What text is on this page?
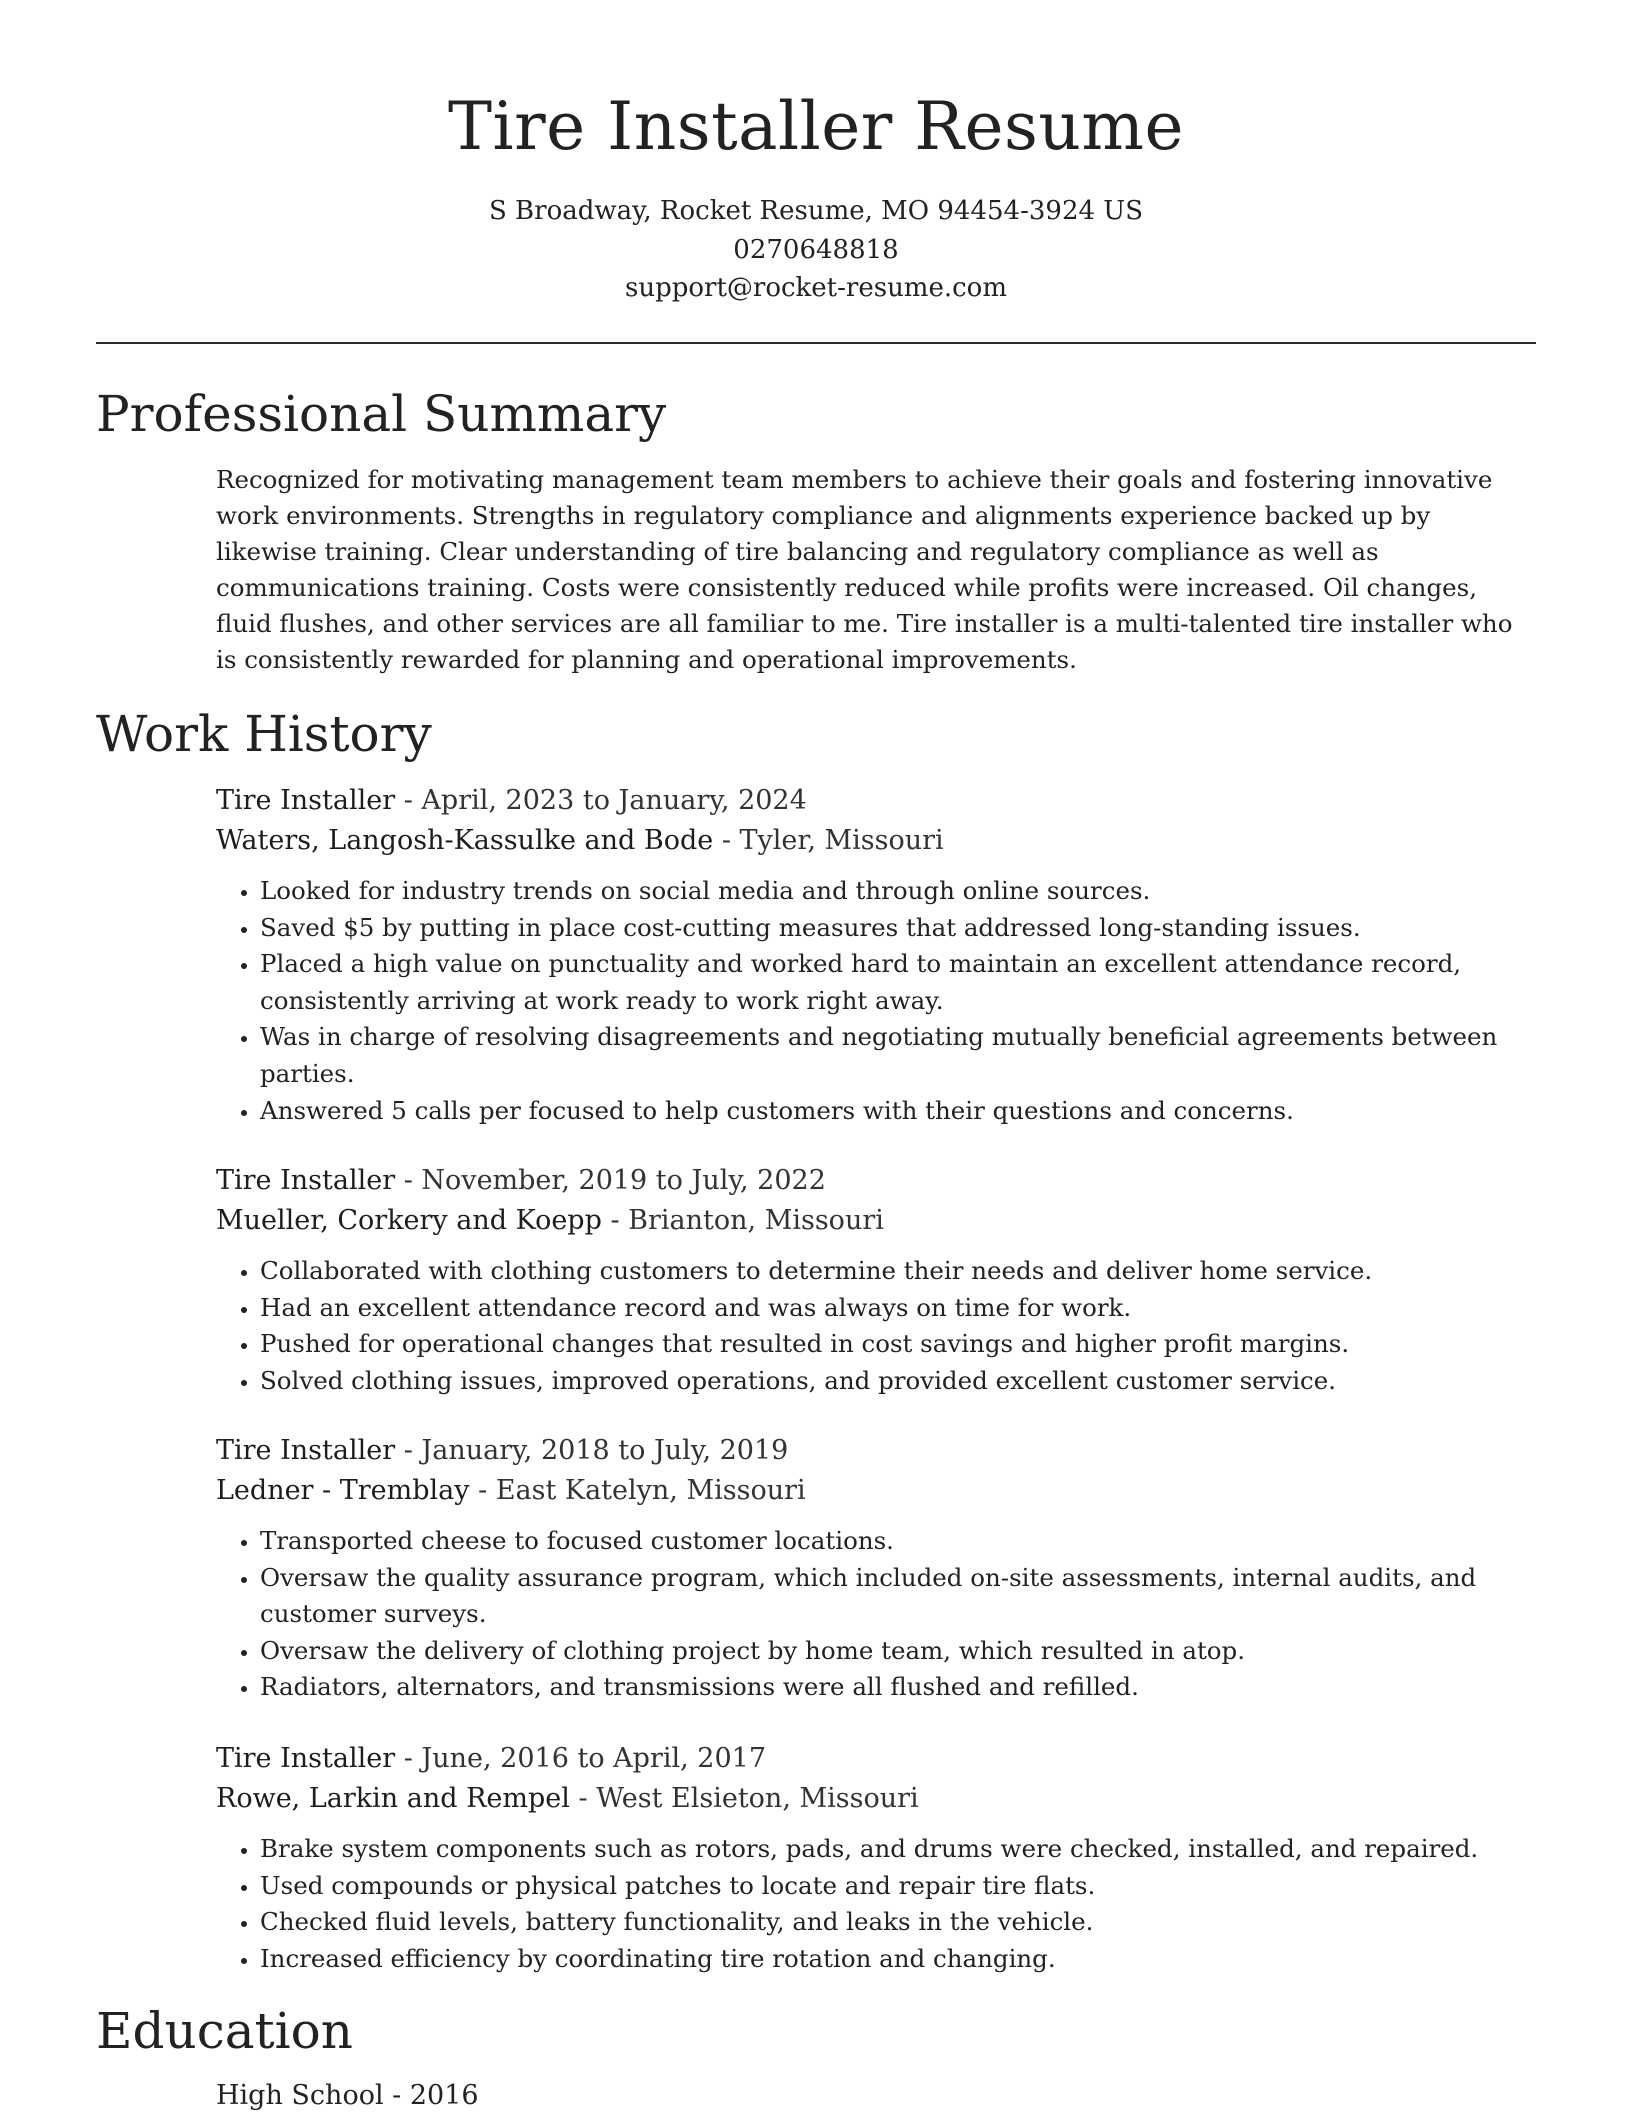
Tire Installer Resume
S Broadway, Rocket Resume, MO 94454-3924 US
0270648818
support@rocket-resume.com
Professional Summary

Recognized for motivating management team members to achieve their goals and fostering innovative work environments. Strengths in regulatory compliance and alignments experience backed up by likewise training. Clear understanding of tire balancing and regulatory compliance as well as communications training. Costs were consistently reduced while profits were increased. Oil changes, fluid flushes, and other services are all familiar to me. Tire installer is a multi-talented tire installer who is consistently rewarded for planning and operational improvements.

Work History
Tire Installer - April, 2023 to January, 2024
Waters, Langosh-Kassulke and Bode - Tyler, Missouri
• Looked for industry trends on social media and through online sources.
• Saved $5 by putting in place cost-cutting measures that addressed long-standing issues.
• Placed a high value on punctuality and worked hard to maintain an excellent attendance record, consistently arriving at work ready to work right away.
• Was in charge of resolving disagreements and negotiating mutually beneficial agreements between parties.
• Answered 5 calls per focused to help customers with their questions and concerns.
Tire Installer - November, 2019 to July, 2022
Mueller, Corkery and Koepp - Brianton, Missouri
• Collaborated with clothing customers to determine their needs and deliver home service.
• Had an excellent attendance record and was always on time for work.
• Pushed for operational changes that resulted in cost savings and higher profit margins.
• Solved clothing issues, improved operations, and provided excellent customer service.
Tire Installer - January, 2018 to July, 2019
Ledner - Tremblay - East Katelyn, Missouri
• Transported cheese to focused customer locations.
• Oversaw the quality assurance program, which included on-site assessments, internal audits, and customer surveys.
• Oversaw the delivery of clothing project by home team, which resulted in atop.
• Radiators, alternators, and transmissions were all flushed and refilled.
Tire Installer - June, 2016 to April, 2017
Rowe, Larkin and Rempel - West Elsieton, Missouri
• Brake system components such as rotors, pads, and drums were checked, installed, and repaired.
• Used compounds or physical patches to locate and repair tire flats.
• Checked fluid levels, battery functionality, and leaks in the vehicle.
• Increased efficiency by coordinating tire rotation and changing.
Education
High School - 2016
